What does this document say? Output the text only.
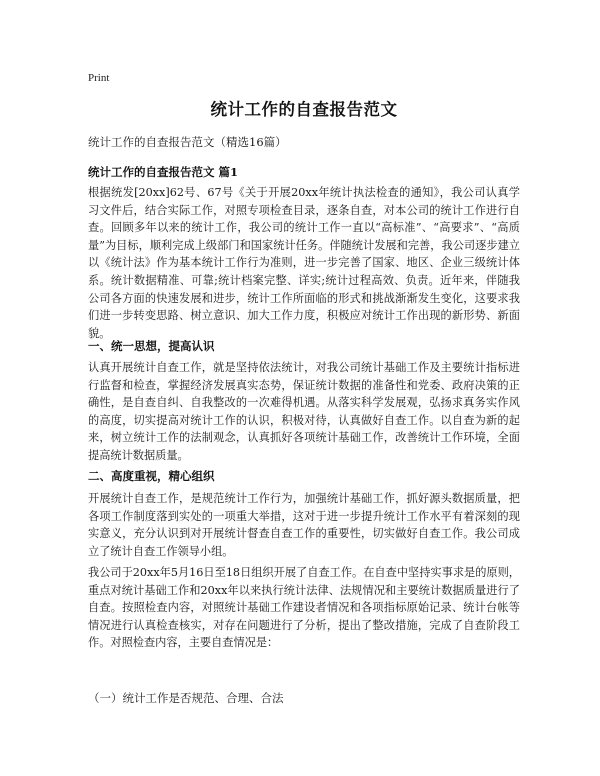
Print
统计工作的自查报告范文
统计工作的自查报告范文（精选16篇）
统计工作的自查报告范文 篇1
根据统发[20xx]62号、67号《关于开展20xx年统计执法检查的通知》，我公司认真学习文件后，结合实际工作，对照专项检查目录，逐条自查，对本公司的统计工作进行自查。回顾多年以来的统计工作，我公司的统计工作一直以“高标准”、“高要求”、“高质量”为目标，顺利完成上级部门和国家统计任务。伴随统计发展和完善，我公司逐步建立以《统计法》作为基本统计工作行为准则，进一步完善了国家、地区、企业三级统计体系。统计数据精准、可靠;统计档案完整、详实;统计过程高效、负责。近年来，伴随我公司各方面的快速发展和进步，统计工作所面临的形式和挑战渐渐发生变化，这要求我们进一步转变思路、树立意识、加大工作力度，积极应对统计工作出现的新形势、新面貌。
一、统一思想，提高认识
认真开展统计自查工作，就是坚持依法统计，对我公司统计基础工作及主要统计指标进行监督和检查，掌握经济发展真实态势，保证统计数据的准备性和党委、政府决策的正确性，是自查自纠、自我整改的一次难得机遇。从落实科学发展观，弘扬求真务实作风的高度，切实提高对统计工作的认识，积极对待，认真做好自查工作。以自查为新的起来，树立统计工作的法制观念，认真抓好各项统计基础工作，改善统计工作环境，全面提高统计数据质量。
二、高度重视，精心组织
开展统计自查工作，是规范统计工作行为，加强统计基础工作，抓好源头数据质量，把各项工作制度落到实处的一项重大举措，这对于进一步提升统计工作水平有着深刻的现实意义，充分认识到对开展统计督查自查工作的重要性，切实做好自查工作。我公司成立了统计自查工作领导小组。
我公司于20xx年5月16日至18日组织开展了自查工作。在自查中坚持实事求是的原则，重点对统计基础工作和20xx年以来执行统计法律、法规情况和主要统计数据质量进行了自查。按照检查内容，对照统计基础工作建设者情况和各项指标原始记录、统计台帐等情况进行认真检查核实，对存在问题进行了分析，提出了整改措施，完成了自查阶段工作。对照检查内容，主要自查情况是：
（一）统计工作是否规范、合理、合法
